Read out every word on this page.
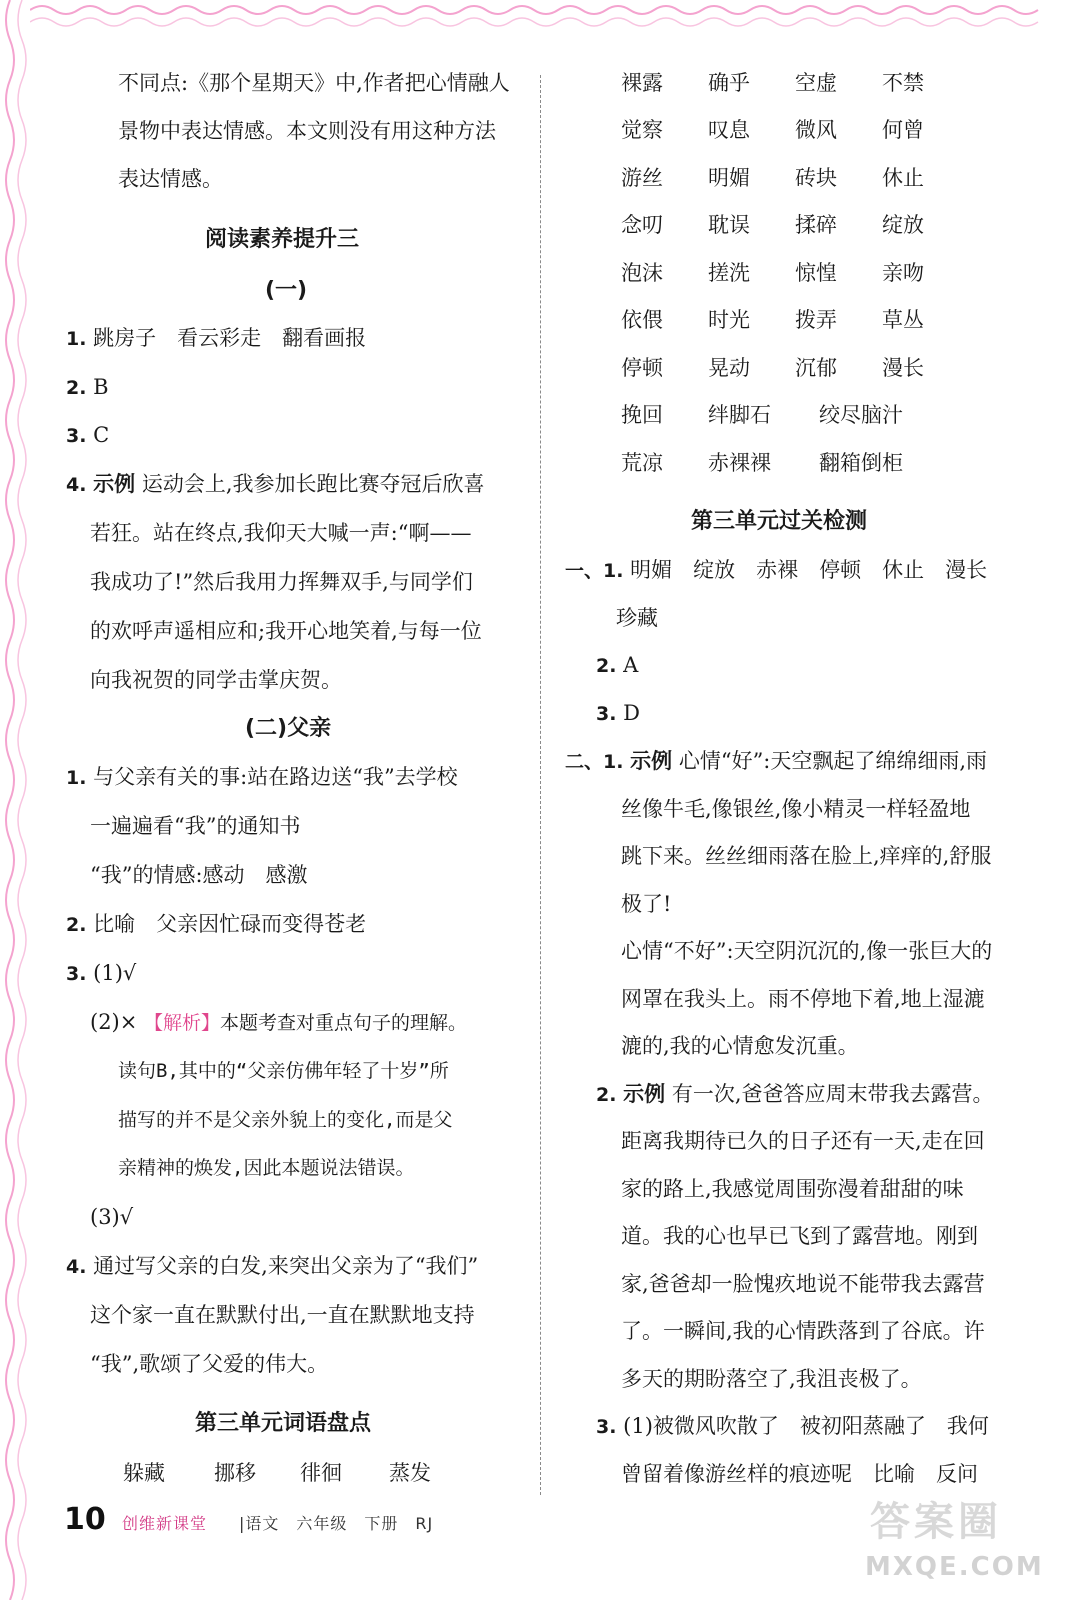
不同点:《那个星期天》中,作者把心情融人
景物中表达情感。本文则没有用这种方法
表达情感。
阅读素养提升三
(一)
1. 跳房子　看云彩走　翻看画报
2. B
3. C
4. 示例 运动会上,我参加长跑比赛夺冠后欣喜
若狂。站在终点,我仰天大喊一声:“啊——
我成功了!”然后我用力挥舞双手,与同学们
的欢呼声遥相应和;我开心地笑着,与每一位
向我祝贺的同学击掌庆贺。
(二)父亲
1. 与父亲有关的事:站在路边送“我”去学校
一遍遍看“我”的通知书
“我”的情感:感动　感激
2. 比喻　父亲因忙碌而变得苍老
3. (1)√
(2)× 【解析】本题考查对重点句子的理解。
读句B,其中的“父亲仿佛年轻了十岁”所
描写的并不是父亲外貌上的变化,而是父
亲精神的焕发,因此本题说法错误。
(3)√
4. 通过写父亲的白发,来突出父亲为了“我们”
这个家一直在默默付出,一直在默默地支持
“我”,歌颂了父爱的伟大。
第三单元词语盘点
躲藏 挪移 徘徊 蒸发
裸露 确乎 空虚 不禁
觉察 叹息 微风 何曾
游丝 明媚 砖块 休止
念叨 耽误 揉碎 绽放
泡沫 搓洗 惊惶 亲吻
依偎 时光 拨弄 草丛
停顿 晃动 沉郁 漫长
挽回 绊脚石 绞尽脑汁
荒凉 赤裸裸 翻箱倒柜
第三单元过关检测
一、1. 明媚　绽放　赤裸　停顿　休止　漫长
珍藏
2. A
3. D
二、1. 示例 心情“好”:天空飘起了绵绵细雨,雨
丝像牛毛,像银丝,像小精灵一样轻盈地
跳下来。丝丝细雨落在脸上,痒痒的,舒服
极了!
心情“不好”:天空阴沉沉的,像一张巨大的
网罩在我头上。雨不停地下着,地上湿漉
漉的,我的心情愈发沉重。
2. 示例 有一次,爸爸答应周末带我去露营。
距离我期待已久的日子还有一天,走在回
家的路上,我感觉周围弥漫着甜甜的味
道。我的心也早已飞到了露营地。刚到
家,爸爸却一脸愧疚地说不能带我去露营
了。一瞬间,我的心情跌落到了谷底。许
多天的期盼落空了,我沮丧极了。
3. (1)被微风吹散了　被初阳蒸融了　我何
曾留着像游丝样的痕迹呢　比喻　反问
10 创维新课堂 |语文　六年级　下册　RJ	答案圈
MXQE.COM
